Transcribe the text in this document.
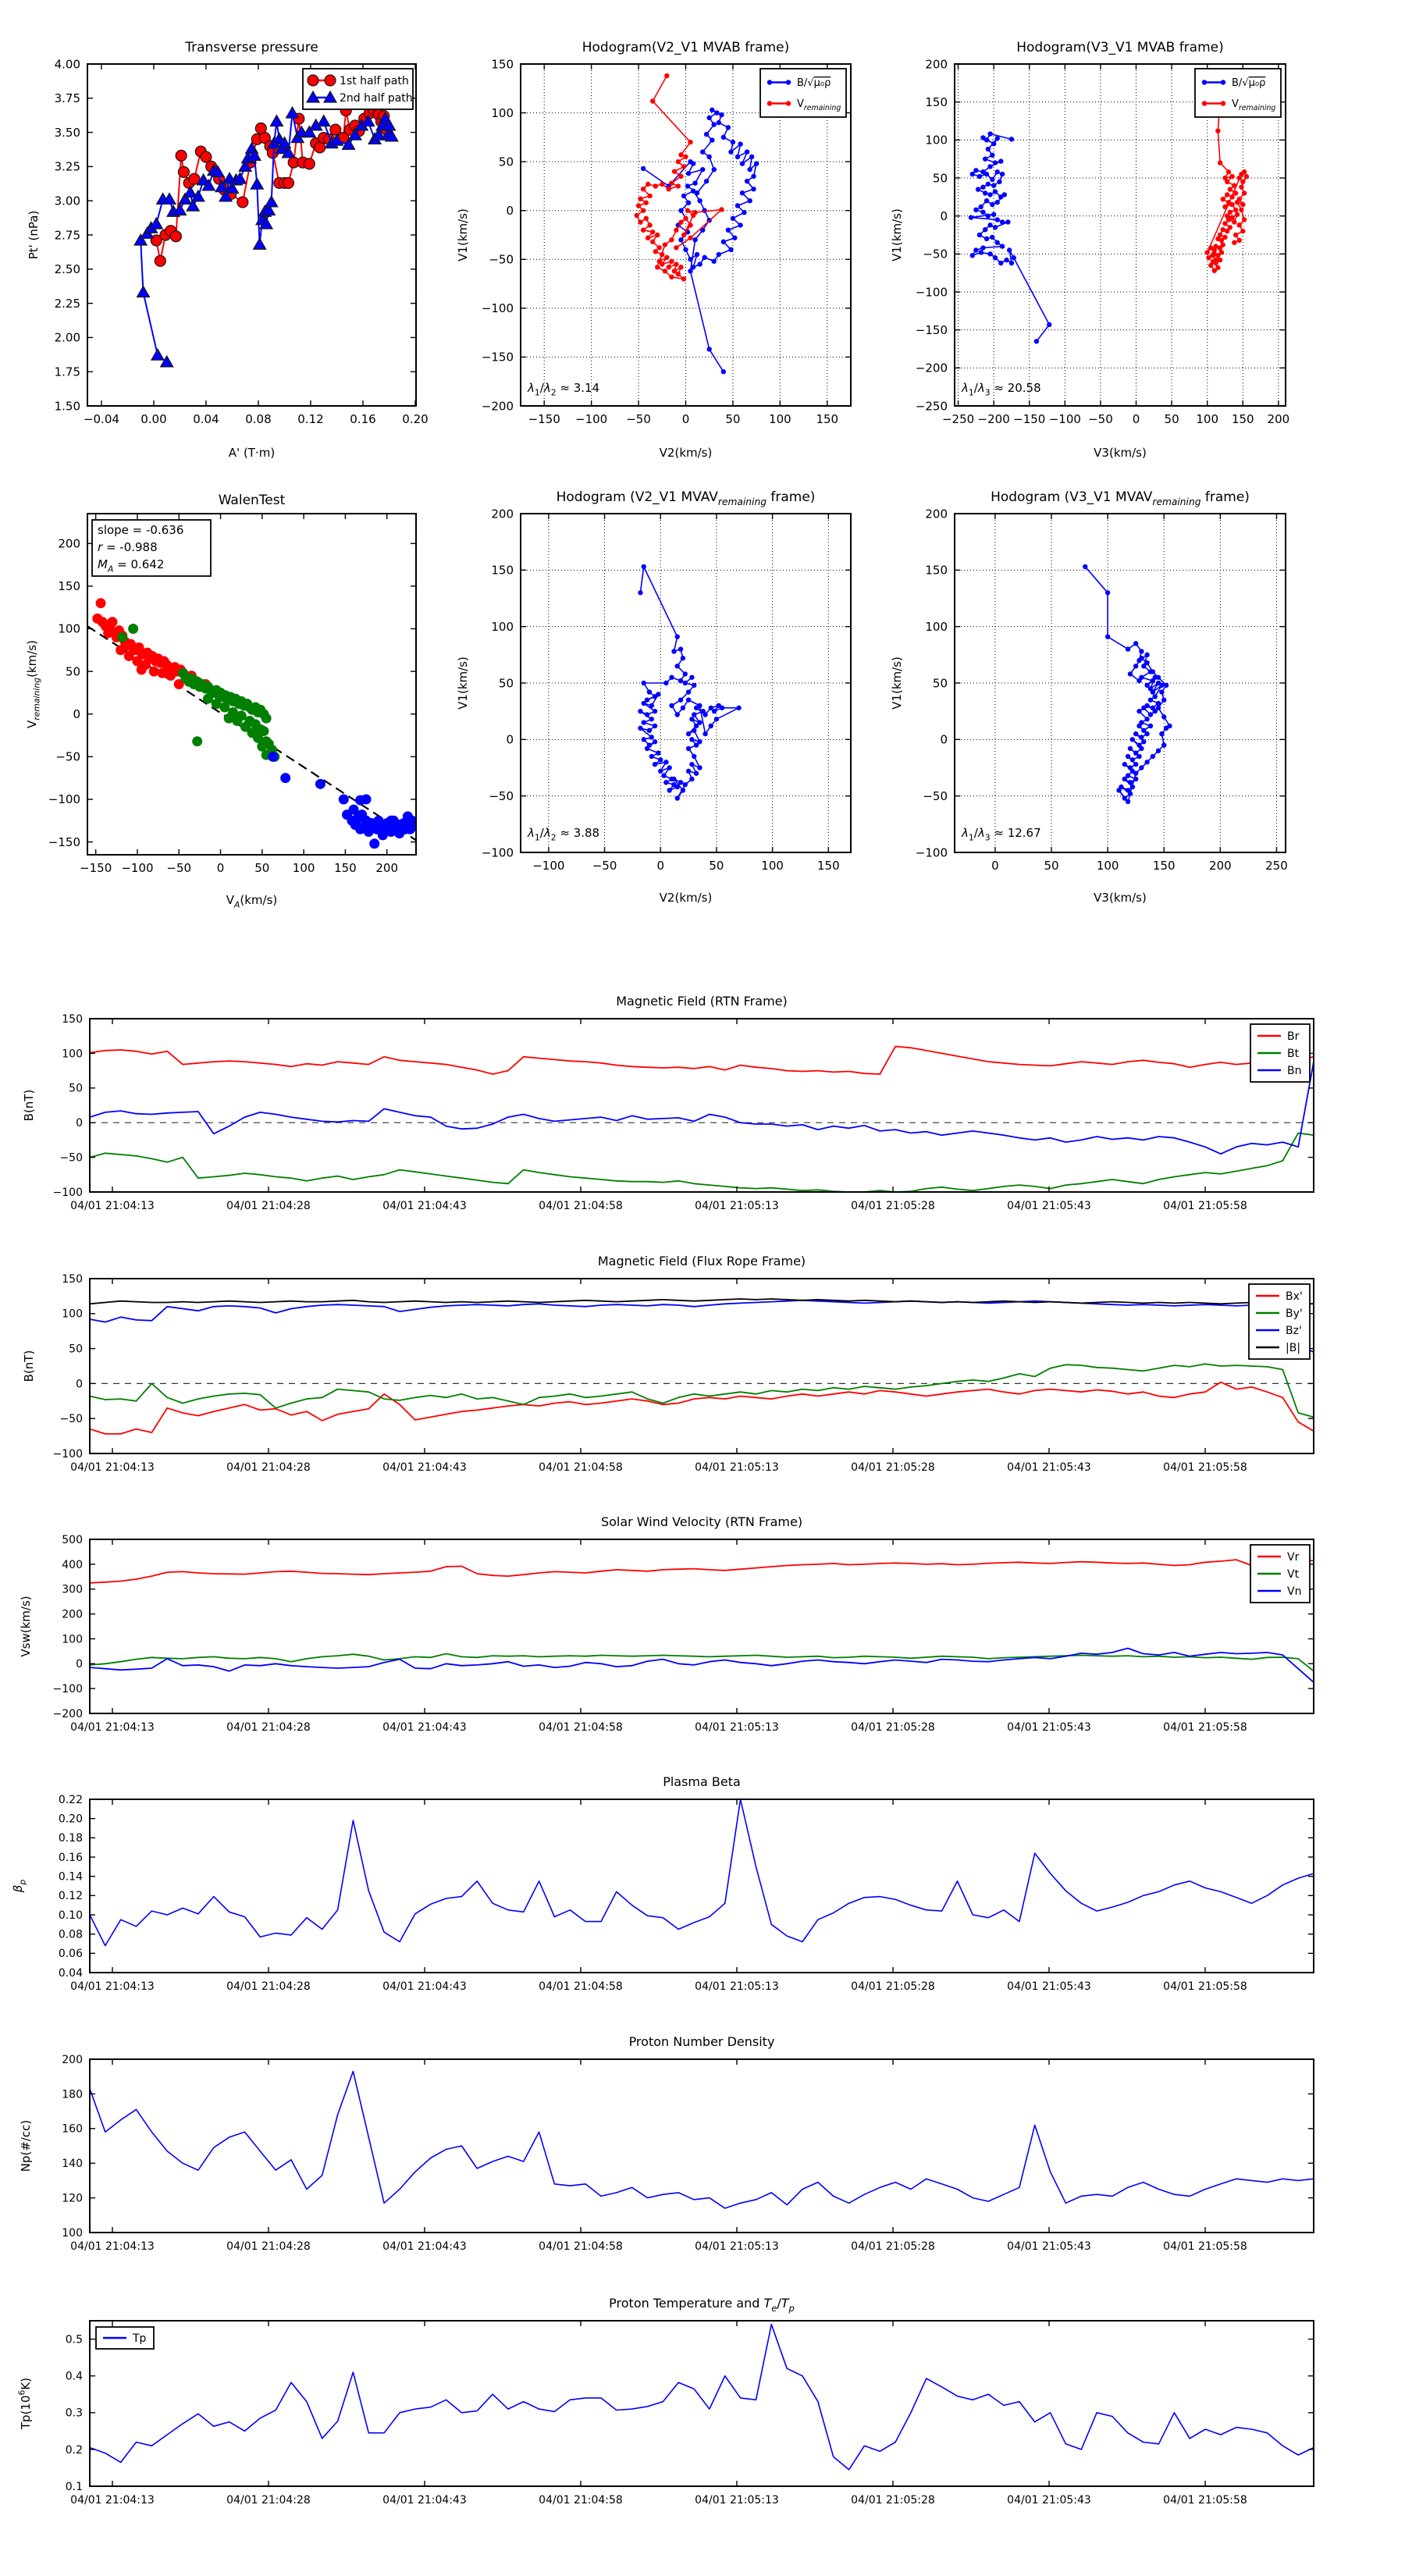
−0.04 0.00 0.04 0.08 0.12 0.16 0.20
1.50
1.75
2.00
2.25
2.50
2.75
3.00
3.25
3.50
3.75
4.00
Transverse pressure
A' (T·m)
Pt' (nPa)
1st half path
2nd half path
−150 −100 −50	0	50 100 150
−200
−150
−100
−50
0
50
100
150
Hodogram(V2_V1 MVAB frame)
V2(km/s)
V1(km/s)
$\lambda_1/\lambda_2 \approx 3.14$
B/√μ₀ρ
$V_{remaining}$
−250 −200 −150 −100 −50 0 50 100 150 200
−250
−200
−150
−100
−50
0
50
100
150
200
Hodogram(V3_V1 MVAB frame)
V3(km/s)
V1(km/s)
$\lambda_1/\lambda_3 \approx 20.58$
B/√μ₀ρ
$V_{remaining}$
−150 −100 −50 0	50 100 150 200
−150
−100
−50
0
50
100
150
200
WalenTest
$V_A(km/s)$
$V_{remaining}(km/s)$
slope = -0.636
r = -0.988
$M_A = 0.642$
−100 −50	0	50	100	150
−100
−50
0
50
100
150
200
Hodogram (V2_V1 $MVAV_{remaining}$ frame)
V2(km/s)
V1(km/s)
$\lambda_1/\lambda_2 \approx 3.88$
0	50	100	150	200	250
−100
−50
0
50
100
150
200
Hodogram (V3_V1 $MVAV_{remaining}$ frame)
V3(km/s)
V1(km/s)
$\lambda_1/\lambda_3 \approx 12.67$
04/01 21:04:13	04/01 21:04:28	04/01 21:04:43	04/01 21:04:58	04/01 21:05:13	04/01 21:05:28	04/01 21:05:43	04/01 21:05:58
−100
−50
0
50
100
150
Magnetic Field (RTN Frame)
B(nT)
Br
Bt
Bn
04/01 21:04:13	04/01 21:04:28	04/01 21:04:43	04/01 21:04:58	04/01 21:05:13	04/01 21:05:28	04/01 21:05:43	04/01 21:05:58
−100
−50
0
50
100
150
Magnetic Field (Flux Rope Frame)
B(nT)
Bx'
By'
Bz'
|B|
04/01 21:04:13	04/01 21:04:28	04/01 21:04:43	04/01 21:04:58	04/01 21:05:13	04/01 21:05:28	04/01 21:05:43	04/01 21:05:58
−200
−100
0
100
200
300
400
500
Solar Wind Velocity (RTN Frame)
Vsw(km/s)
Vr
Vt
Vn
04/01 21:04:13	04/01 21:04:28	04/01 21:04:43	04/01 21:04:58	04/01 21:05:13	04/01 21:05:28	04/01 21:05:43	04/01 21:05:58
0.04
0.06
0.08
0.10
0.12
0.14
0.16
0.18
0.20
0.22
Plasma Beta
$\beta_p$
04/01 21:04:13	04/01 21:04:28	04/01 21:04:43	04/01 21:04:58	04/01 21:05:13	04/01 21:05:28	04/01 21:05:43	04/01 21:05:58
100
120
140
160
180
200
Proton Number Density
Np(#/cc)
04/01 21:04:13	04/01 21:04:28	04/01 21:04:43	04/01 21:04:58	04/01 21:05:13	04/01 21:05:28	04/01 21:05:43	04/01 21:05:58
0.1
0.2
0.3
0.4
0.5
Proton Temperature and $T_e/T_p$
$Tp(10^6K)$
Tp
